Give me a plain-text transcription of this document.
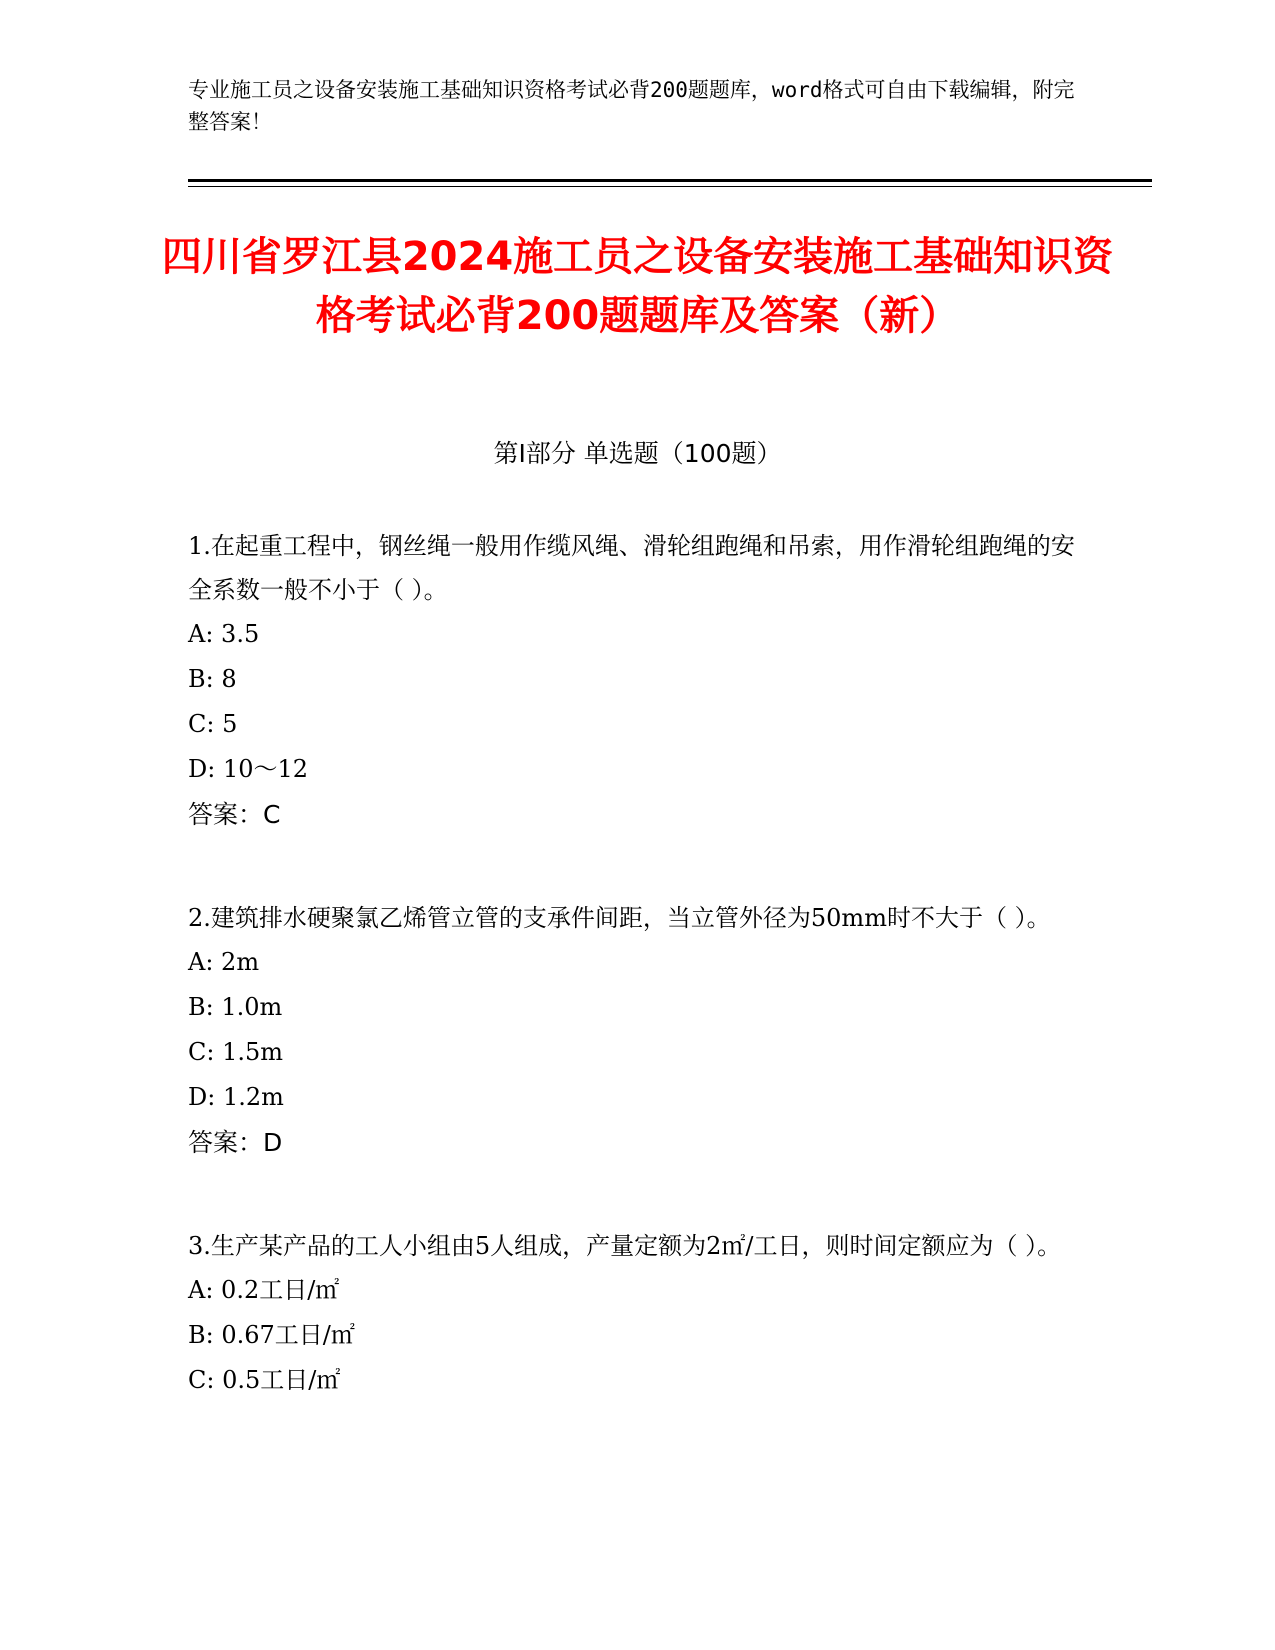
专业施工员之设备安装施工基础知识资格考试必背200题题库，word格式可自由下载编辑，附完整答案！
四川省罗江县2024施工员之设备安装施工基础知识资格考试必背200题题库及答案（新）
第I部分 单选题（100题）

1.在起重工程中，钢丝绳一般用作缆风绳、滑轮组跑绳和吊索，用作滑轮组跑绳的安全系数一般不小于（ ）。

A: 3.5

B: 8

C: 5

D: 10～12

答案：C

2.建筑排水硬聚氯乙烯管立管的支承件间距，当立管外径为50mm时不大于（ ）。

A: 2m

B: 1.0m

C: 1.5m

D: 1.2m

答案：D

3.生产某产品的工人小组由5人组成，产量定额为2㎡/工日，则时间定额应为（ ）。

A: 0.2工日/㎡

B: 0.67工日/㎡

C: 0.5工日/㎡
